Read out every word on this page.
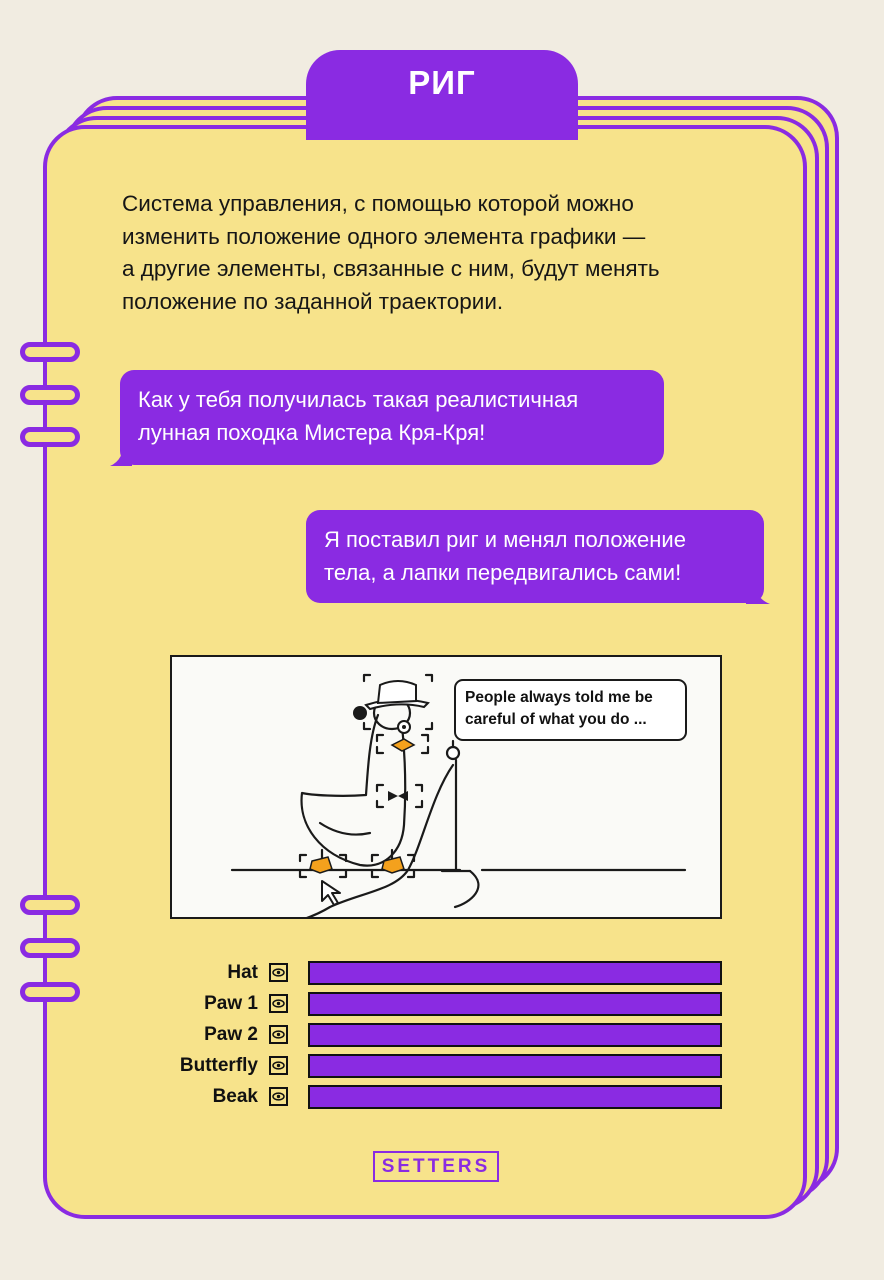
РИГ
Система управления, с помощью которой можно
изменить положение одного элемента графики —
а другие элементы, связанные с ним, будут менять
положение по заданной траектории.
Как у тебя получилась такая реалистичная
лунная походка Мистера Кря-Кря!
Я поставил риг и менял положение
тела, а лапки передвигались сами!
People always told me be
careful of what you do ...
Hat
Paw 1
Paw 2
Butterfly
Beak
SETTERS
